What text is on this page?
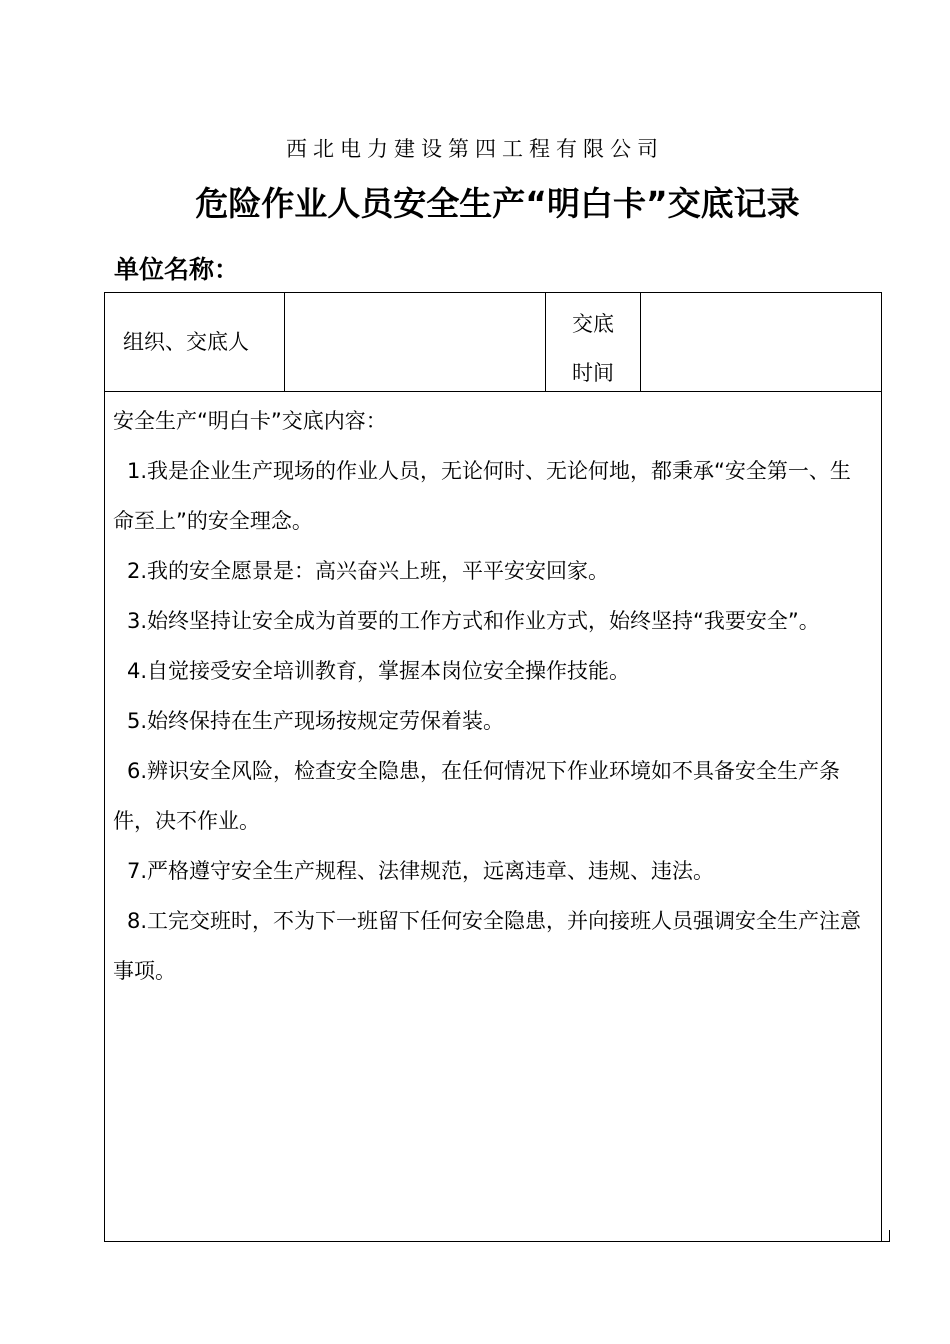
西北电力建设第四工程有限公司
危险作业人员安全生产“明白卡”交底记录
单位名称：
组织、交底人
交底
时间

安全生产“明白卡”交底内容：

1.我是企业生产现场的作业人员，无论何时、无论何地，都秉承“安全第一、生命至上”的安全理念。

2.我的安全愿景是：高兴奋兴上班，平平安安回家。

3.始终坚持让安全成为首要的工作方式和作业方式，始终坚持“我要安全”。

4.自觉接受安全培训教育，掌握本岗位安全操作技能。

5.始终保持在生产现场按规定劳保着装。

6.辨识安全风险，检查安全隐患，在任何情况下作业环境如不具备安全生产条件，决不作业。

7.严格遵守安全生产规程、法律规范，远离违章、违规、违法。

8.工完交班时，不为下一班留下任何安全隐患，并向接班人员强调安全生产注意事项。
